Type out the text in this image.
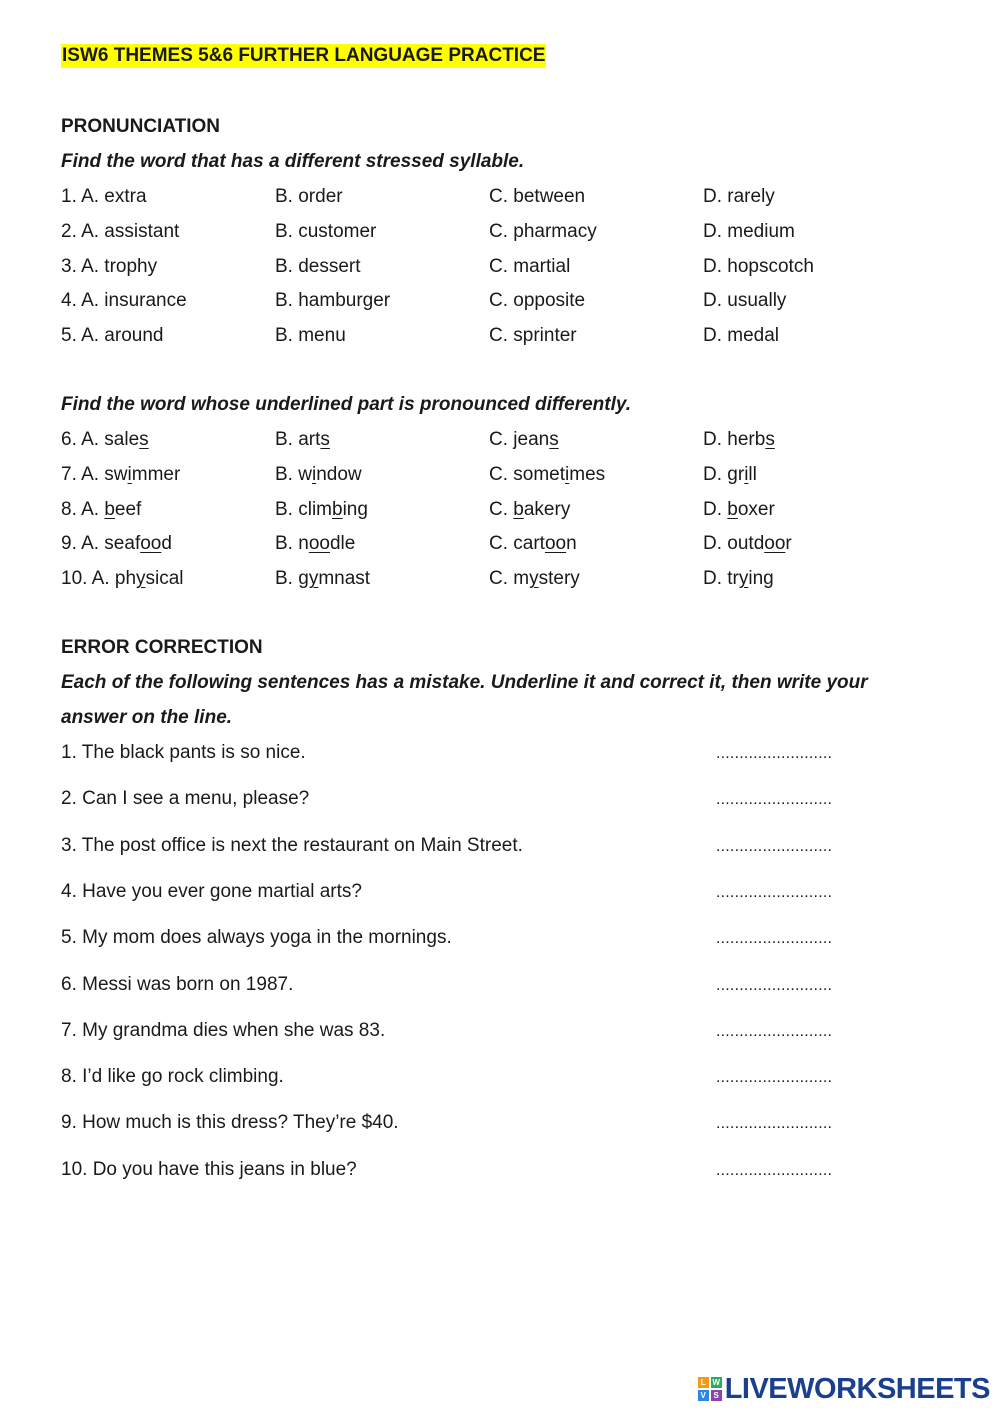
ISW6 THEMES 5&6 FURTHER LANGUAGE PRACTICE
PRONUNCIATION
Find the word that has a different stressed syllable.
1. A. extra	B. order	C. between	D. rarely
2. A. assistant	B. customer	C. pharmacy	D. medium
3. A. trophy	B. dessert	C. martial	D. hopscotch
4. A. insurance	B. hamburger	C. opposite	D. usually
5. A. around	B. menu	C. sprinter	D. medal
Find the word whose underlined part is pronounced differently.
6. A. sales	B. arts	C. jeans	D. herbs
7. A. swimmer	B. window	C. sometimes	D. grill
8. A. beef	B. climbing	C. bakery	D. boxer
9. A. seafood	B. noodle	C. cartoon	D. outdoor
10. A. physical	B. gymnast	C. mystery	D. trying
ERROR CORRECTION
Each of the following sentences has a mistake. Underline it and correct it, then write your
answer on the line.
1. The black pants is so nice.	.........................
2. Can I see a menu, please?	.........................
3. The post office is next the restaurant on Main Street.	.........................
4. Have you ever gone martial arts?	.........................
5. My mom does always yoga in the mornings.	.........................
6. Messi was born on 1987.	.........................
7. My grandma dies when she was 83.	.........................
8. I’d like go rock climbing.	.........................
9. How much is this dress? They’re $40.	.........................
10. Do you have this jeans in blue?	.........................
L W
V S LIVEWORKSHEETS
